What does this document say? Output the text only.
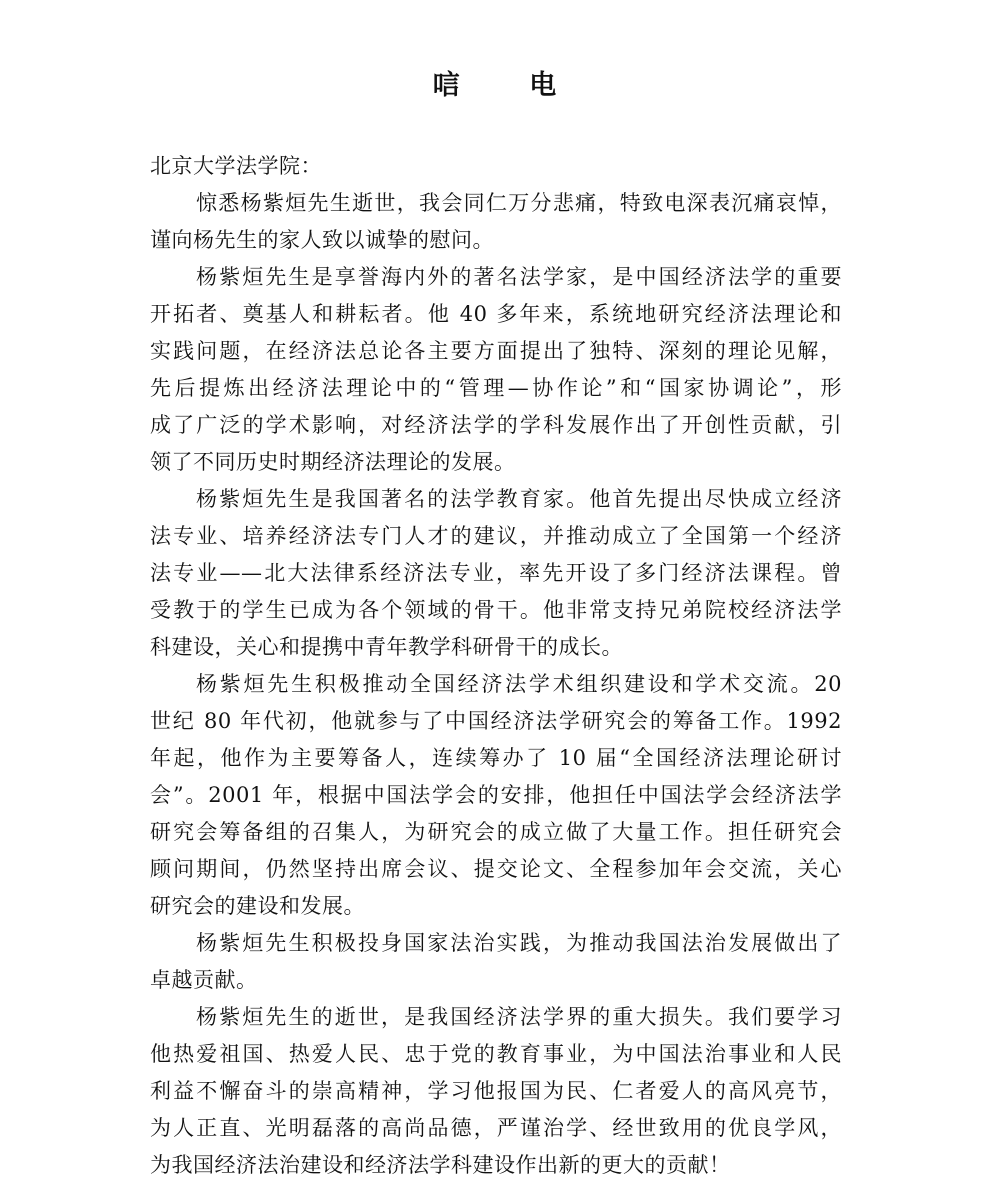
唁 电
北京大学法学院：
惊悉杨紫烜先生逝世，我会同仁万分悲痛，特致电深表沉痛哀悼，
谨向杨先生的家人致以诚挚的慰问。
杨紫烜先生是享誉海内外的著名法学家，是中国经济法学的重要
开拓者、奠基人和耕耘者。他 40 多年来，系统地研究经济法理论和
实践问题，在经济法总论各主要方面提出了独特、深刻的理论见解，
先后提炼出经济法理论中的“管理—协作论”和“国家协调论”，形
成了广泛的学术影响，对经济法学的学科发展作出了开创性贡献，引
领了不同历史时期经济法理论的发展。
杨紫烜先生是我国著名的法学教育家。他首先提出尽快成立经济
法专业、培养经济法专门人才的建议，并推动成立了全国第一个经济
法专业——北大法律系经济法专业，率先开设了多门经济法课程。曾
受教于的学生已成为各个领域的骨干。他非常支持兄弟院校经济法学
科建设，关心和提携中青年教学科研骨干的成长。
杨紫烜先生积极推动全国经济法学术组织建设和学术交流。20
世纪 80 年代初，他就参与了中国经济法学研究会的筹备工作。1992
年起，他作为主要筹备人，连续筹办了 10 届“全国经济法理论研讨
会”。2001 年，根据中国法学会的安排，他担任中国法学会经济法学
研究会筹备组的召集人，为研究会的成立做了大量工作。担任研究会
顾问期间，仍然坚持出席会议、提交论文、全程参加年会交流，关心
研究会的建设和发展。
杨紫烜先生积极投身国家法治实践，为推动我国法治发展做出了
卓越贡献。
杨紫烜先生的逝世，是我国经济法学界的重大损失。我们要学习
他热爱祖国、热爱人民、忠于党的教育事业，为中国法治事业和人民
利益不懈奋斗的崇高精神，学习他报国为民、仁者爱人的高风亮节，
为人正直、光明磊落的高尚品德，严谨治学、经世致用的优良学风，
为我国经济法治建设和经济法学科建设作出新的更大的贡献！
